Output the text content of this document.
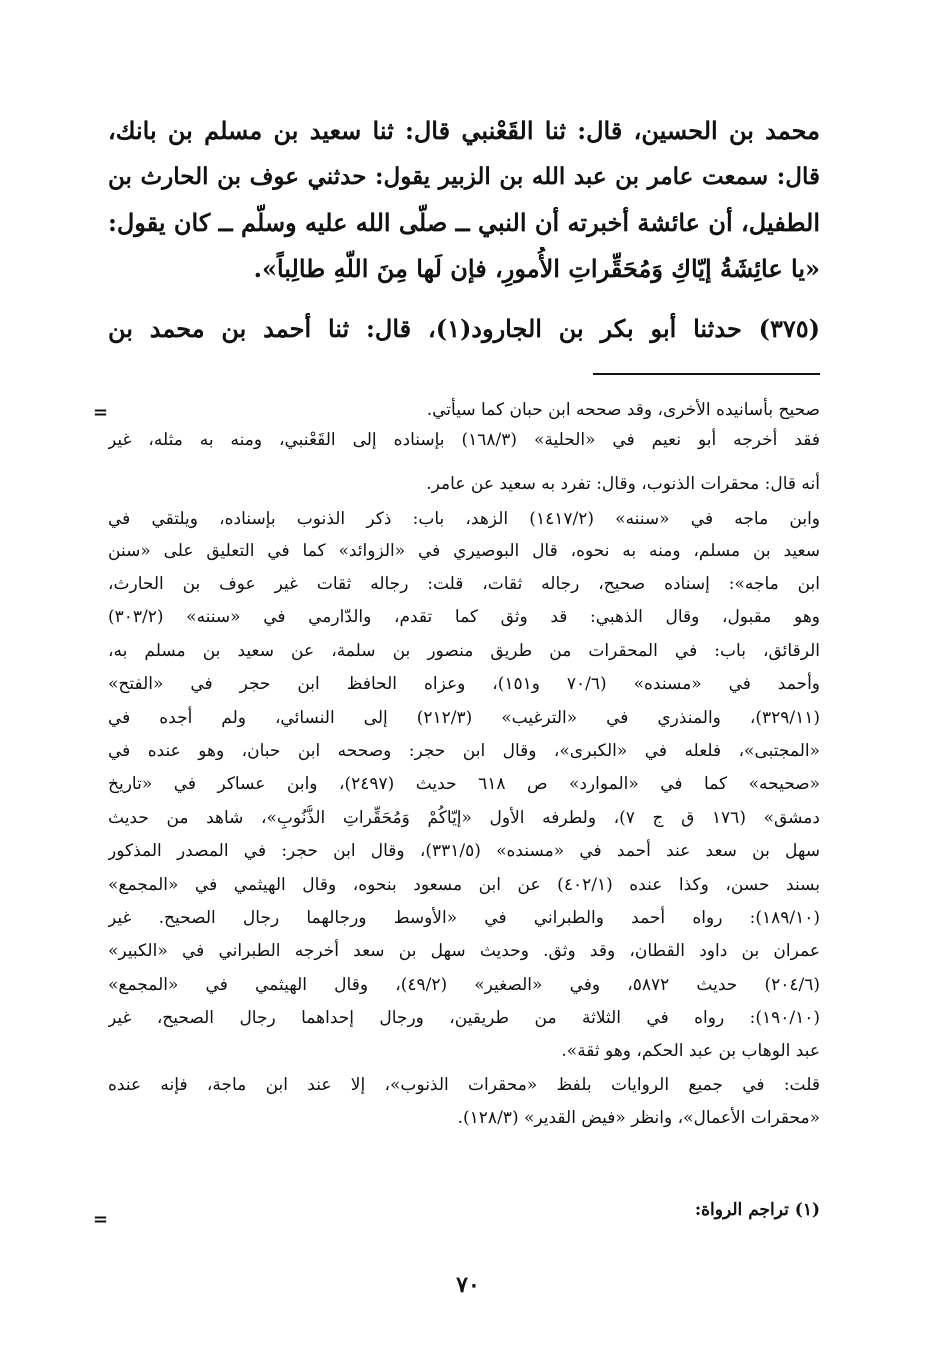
محمد بن الحسين، قال: ثنا القَعْنبي قال: ثنا سعيد بن مسلم بن بانك،
قال: سمعت عامر بن عبد الله بن الزبير يقول: حدثني عوف بن الحارث بن
الطفيل، أن عائشة أخبرته أن النبي ــ صلّى الله عليه وسلّم ــ كان يقول:
«يا عائِشَةُ إيّاكِ وَمُحَقِّراتِ الأُمورِ، فإن لَها مِنَ اللّهِ طالِباً».
(٣٧٥) حدثنا أبو بكر بن الجارود(١)، قال: ثنا أحمد بن محمد بن
=	صحيح بأسانيده الأخرى، وقد صححه ابن حبان كما سيأتي.
فقد أخرجه أبو نعيم في «الحلية» (١٦٨/٣) بإسناده إلى القَعْنبي، ومنه به مثله، غير
أنه قال: محقرات الذنوب، وقال: تفرد به سعيد عن عامر.
وابن ماجه في «سننه» (١٤١٧/٢) الزهد، باب: ذكر الذنوب بإسناده، ويلتقي في
سعيد بن مسلم، ومنه به نحوه، قال البوصيري في «الزوائد» كما في التعليق على «سنن
ابن ماجه»: إسناده صحيح، رجاله ثقات، قلت: رجاله ثقات غير عوف بن الحارث،
وهو مقبول، وقال الذهبي: قد وثق كما تقدم، والدّارمي في «سننه» (٣٠٣/٢)
الرقائق، باب: في المحقرات من طريق منصور بن سلمة، عن سعيد بن مسلم به،
وأحمد في «مسنده» (٧٠/٦ و١٥١)، وعزاه الحافظ ابن حجر في «الفتح»
(٣٢٩/١١)، والمنذري في «الترغيب» (٢١٢/٣) إلى النسائي، ولم أجده في
«المجتبى»، فلعله في «الكبرى»، وقال ابن حجر: وصححه ابن حبان، وهو عنده في
«صحيحه» كما في «الموارد» ص ٦١٨ حديث (٢٤٩٧)، وابن عساكر في «تاريخ
دمشق» (١٧٦ ق ج ٧)، ولطرفه الأول «إيّاكُمْ وَمُحَقِّراتِ الذُّنُوبِ»، شاهد من حديث
سهل بن سعد عند أحمد في «مسنده» (٣٣١/٥)، وقال ابن حجر: في المصدر المذكور
بسند حسن، وكذا عنده (٤٠٢/١) عن ابن مسعود بنحوه، وقال الهيثمي في «المجمع»
(١٨٩/١٠): رواه أحمد والطبراني في «الأوسط ورجالهما رجال الصحيح. غير
عمران بن داود القطان، وقد وثق. وحديث سهل بن سعد أخرجه الطبراني في «الكبير»
(٢٠٤/٦) حديث ٥٨٧٢، وفي «الصغير» (٤٩/٢)، وقال الهيثمي في «المجمع»
(١٩٠/١٠): رواه في الثلاثة من طريقين، ورجال إحداهما رجال الصحيح، غير
عبد الوهاب بن عبد الحكم، وهو ثقة».
قلت: في جميع الروايات بلفظ «محقرات الذنوب»، إلا عند ابن ماجة، فإنه عنده
«محقرات الأعمال»، وانظر «فيض القدير» (١٢٨/٣).
(١) تراجم الرواة:
=
٧٠
